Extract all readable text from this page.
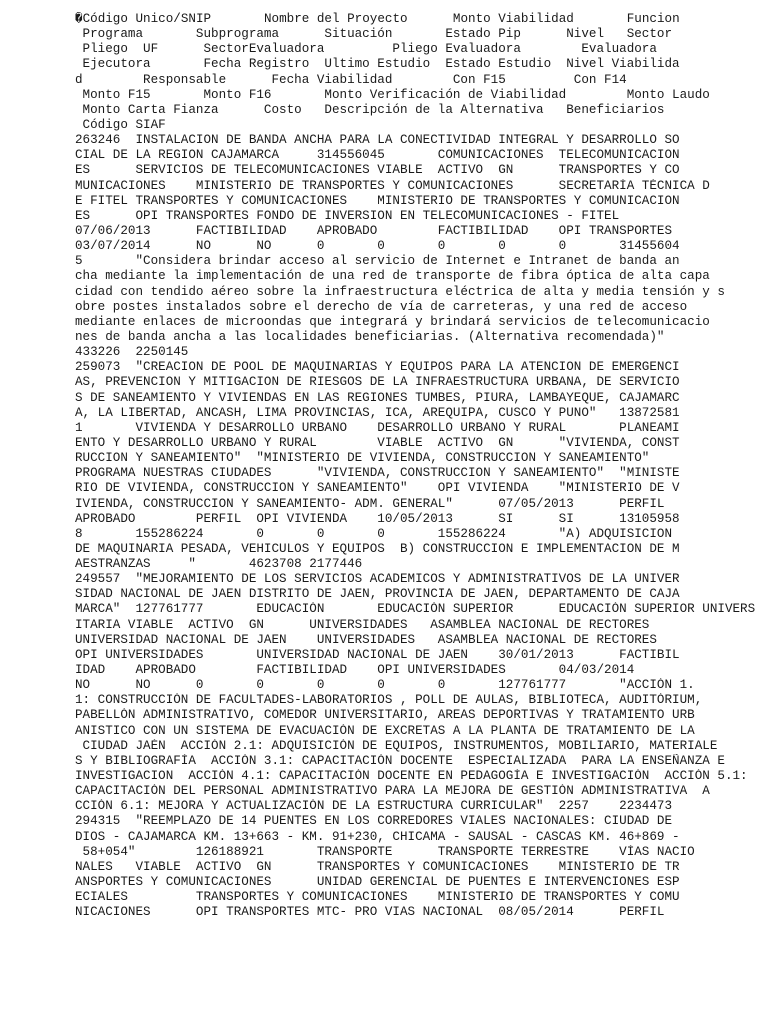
�Código Unico/SNIP       Nombre del Proyecto      Monto Viabilidad       Funcion
Programa       Subprograma      Situación       Estado Pip      Nivel   Sector
Pliego  UF      SectorEvaluadora         Pliego Evaluadora        Evaluadora
Ejecutora       Fecha Registro  Ultimo Estudio  Estado Estudio  Nivel Viabilida
d        Responsable      Fecha Viabilidad        Con F15         Con F14
Monto F15       Monto F16       Monto Verificación de Viabilidad        Monto Laudo
Monto Carta Fianza      Costo   Descripción de la Alternativa   Beneficiarios
Código SIAF
263246  INSTALACION DE BANDA ANCHA PARA LA CONECTIVIDAD INTEGRAL Y DESARROLLO SO
CIAL DE LA REGION CAJAMARCA     314556045       COMUNICACIONES  TELECOMUNICACION
ES      SERVICIOS DE TELECOMUNICACIONES VIABLE  ACTIVO  GN      TRANSPORTES Y CO
MUNICACIONES    MINISTERIO DE TRANSPORTES Y COMUNICACIONES      SECRETARÍA TÉCNICA D
E FITEL TRANSPORTES Y COMUNICACIONES    MINISTERIO DE TRANSPORTES Y COMUNICACION
ES      OPI TRANSPORTES FONDO DE INVERSION EN TELECOMUNICACIONES - FITEL
07/06/2013      FACTIBILIDAD    APROBADO        FACTIBILIDAD    OPI TRANSPORTES
03/07/2014      NO      NO      0       0       0       0       0       31455604
5       "Considera brindar acceso al servicio de Internet e Intranet de banda an
cha mediante la implementación de una red de transporte de fibra óptica de alta capa
cidad con tendido aéreo sobre la infraestructura eléctrica de alta y media tensión y s
obre postes instalados sobre el derecho de vía de carreteras, y una red de acceso
mediante enlaces de microondas que integrará y brindará servicios de telecomunicacio
nes de banda ancha a las localidades beneficiarias. (Alternativa recomendada)"
433226  2250145
259073  "CREACION DE POOL DE MAQUINARIAS Y EQUIPOS PARA LA ATENCION DE EMERGENCI
AS, PREVENCION Y MITIGACION DE RIESGOS DE LA INFRAESTRUCTURA URBANA, DE SERVICIO
S DE SANEAMIENTO Y VIVIENDAS EN LAS REGIONES TUMBES, PIURA, LAMBAYEQUE, CAJAMARC
A, LA LIBERTAD, ANCASH, LIMA PROVINCIAS, ICA, AREQUIPA, CUSCO Y PUNO"   13872581
1       VIVIENDA Y DESARROLLO URBANO    DESARROLLO URBANO Y RURAL       PLANEAMI
ENTO Y DESARROLLO URBANO Y RURAL        VIABLE  ACTIVO  GN      "VIVIENDA, CONST
RUCCION Y SANEAMIENTO"  "MINISTERIO DE VIVIENDA, CONSTRUCCION Y SANEAMIENTO"
PROGRAMA NUESTRAS CIUDADES      "VIVIENDA, CONSTRUCCION Y SANEAMIENTO"  "MINISTE
RIO DE VIVIENDA, CONSTRUCCION Y SANEAMIENTO"    OPI VIVIENDA    "MINISTERIO DE V
IVIENDA, CONSTRUCCION Y SANEAMIENTO- ADM. GENERAL"      07/05/2013      PERFIL
APROBADO        PERFIL  OPI VIVIENDA    10/05/2013      SI      SI      13105958
8       155286224       0       0       0       155286224       "A) ADQUISICION
DE MAQUINARIA PESADA, VEHICULOS Y EQUIPOS  B) CONSTRUCCION E IMPLEMENTACION DE M
AESTRANZAS     "       4623708 2177446
249557  "MEJORAMIENTO DE LOS SERVICIOS ACADEMICOS Y ADMINISTRATIVOS DE LA UNIVER
SIDAD NACIONAL DE JAEN DISTRITO DE JAEN, PROVINCIA DE JAEN, DEPARTAMENTO DE CAJA
MARCA"  127761777       EDUCACIÓN       EDUCACIÓN SUPERIOR      EDUCACIÓN SUPERIOR UNIVERS
ITARIA VIABLE  ACTIVO  GN      UNIVERSIDADES   ASAMBLEA NACIONAL DE RECTORES
UNIVERSIDAD NACIONAL DE JAEN    UNIVERSIDADES   ASAMBLEA NACIONAL DE RECTORES
OPI UNIVERSIDADES       UNIVERSIDAD NACIONAL DE JAEN    30/01/2013      FACTIBIL
IDAD    APROBADO        FACTIBILIDAD    OPI UNIVERSIDADES       04/03/2014
NO      NO      0       0       0       0       0       127761777       "ACCIÓN 1.
1: CONSTRUCCIÓN DE FACULTADES-LABORATORIOS , POLL DE AULAS, BIBLIOTECA, AUDITÓRIUM,
PABELLÓN ADMINISTRATIVO, COMEDOR UNIVERSITARIO, AREAS DEPORTIVAS Y TRATAMIENTO URB
ANISTICO CON UN SISTEMA DE EVACUACIÓN DE EXCRETAS A LA PLANTA DE TRATAMIENTO DE LA
CIUDAD JAÉN  ACCIÓN 2.1: ADQUISICIÓN DE EQUIPOS, INSTRUMENTOS, MOBILIARIO, MATERIALE
S Y BIBLIOGRAFÍA  ACCIÓN 3.1: CAPACITACIÓN DOCENTE  ESPECIALIZADA  PARA LA ENSEÑANZA E
INVESTIGACION  ACCIÓN 4.1: CAPACITACIÓN DOCENTE EN PEDAGOGÍA E INVESTIGACIÓN  ACCIÓN 5.1:
CAPACITACIÓN DEL PERSONAL ADMINISTRATIVO PARA LA MEJORA DE GESTIÓN ADMINISTRATIVA  A
CCIÓN 6.1: MEJORA Y ACTUALIZACIÓN DE LA ESTRUCTURA CURRICULAR"  2257    2234473
294315  "REEMPLAZO DE 14 PUENTES EN LOS CORREDORES VIALES NACIONALES: CIUDAD DE
DIOS - CAJAMARCA KM. 13+663 - KM. 91+230, CHICAMA - SAUSAL - CASCAS KM. 46+869 -
58+054"        126188921       TRANSPORTE      TRANSPORTE TERRESTRE    VÍAS NACIO
NALES   VIABLE  ACTIVO  GN      TRANSPORTES Y COMUNICACIONES    MINISTERIO DE TR
ANSPORTES Y COMUNICACIONES      UNIDAD GERENCIAL DE PUENTES E INTERVENCIONES ESP
ECIALES         TRANSPORTES Y COMUNICACIONES    MINISTERIO DE TRANSPORTES Y COMU
NICACIONES      OPI TRANSPORTES MTC- PRO VIAS NACIONAL  08/05/2014      PERFIL
